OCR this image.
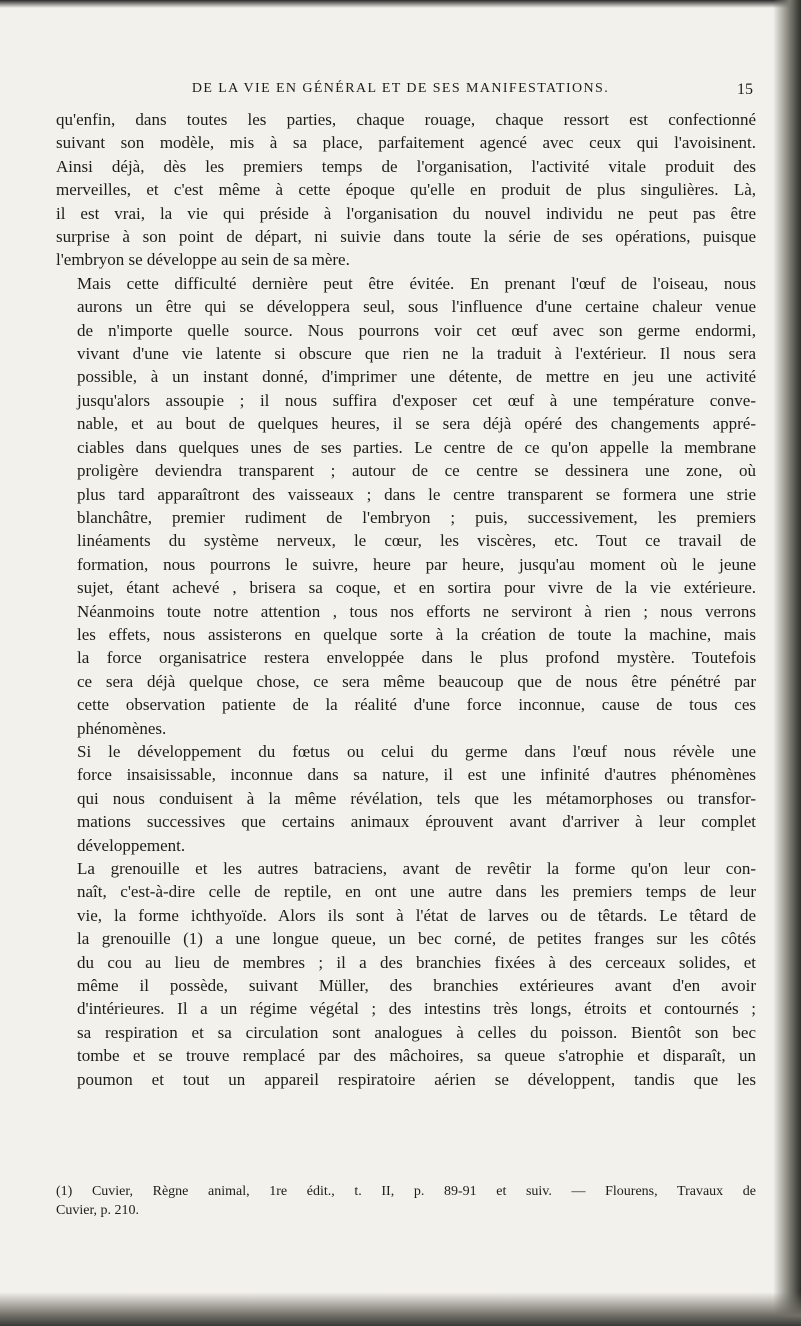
DE LA VIE EN GÉNÉRAL ET DE SES MANIFESTATIONS.	15

qu'enfin, dans toutes les parties, chaque rouage, chaque ressort est confectionné
suivant son modèle, mis à sa place, parfaitement agencé avec ceux qui l'avoisinent.
Ainsi déjà, dès les premiers temps de l'organisation, l'activité vitale produit des
merveilles, et c'est même à cette époque qu'elle en produit de plus singulières. Là,
il est vrai, la vie qui préside à l'organisation du nouvel individu ne peut pas être
surprise à son point de départ, ni suivie dans toute la série de ses opérations, puisque
l'embryon se développe au sein de sa mère.

Mais cette difficulté dernière peut être évitée. En prenant l'œuf de l'oiseau, nous
aurons un être qui se développera seul, sous l'influence d'une certaine chaleur venue
de n'importe quelle source. Nous pourrons voir cet œuf avec son germe endormi,
vivant d'une vie latente si obscure que rien ne la traduit à l'extérieur. Il nous sera
possible, à un instant donné, d'imprimer une détente, de mettre en jeu une activité
jusqu'alors assoupie ; il nous suffira d'exposer cet œuf à une température conve-
nable, et au bout de quelques heures, il se sera déjà opéré des changements appré-
ciables dans quelques unes de ses parties. Le centre de ce qu'on appelle la membrane
proligère deviendra transparent ; autour de ce centre se dessinera une zone, où
plus tard apparaîtront des vaisseaux ; dans le centre transparent se formera une strie
blanchâtre, premier rudiment de l'embryon ; puis, successivement, les premiers
linéaments du système nerveux, le cœur, les viscères, etc. Tout ce travail de
formation, nous pourrons le suivre, heure par heure, jusqu'au moment où le jeune
sujet, étant achevé , brisera sa coque, et en sortira pour vivre de la vie extérieure.
Néanmoins toute notre attention , tous nos efforts ne serviront à rien ; nous verrons
les effets, nous assisterons en quelque sorte à la création de toute la machine, mais
la force organisatrice restera enveloppée dans le plus profond mystère. Toutefois
ce sera déjà quelque chose, ce sera même beaucoup que de nous être pénétré par
cette observation patiente de la réalité d'une force inconnue, cause de tous ces
phénomènes.

Si le développement du fœtus ou celui du germe dans l'œuf nous révèle une
force insaisissable, inconnue dans sa nature, il est une infinité d'autres phénomènes
qui nous conduisent à la même révélation, tels que les métamorphoses ou transfor-
mations successives que certains animaux éprouvent avant d'arriver à leur complet
développement.

La grenouille et les autres batraciens, avant de revêtir la forme qu'on leur con-
naît, c'est-à-dire celle de reptile, en ont une autre dans les premiers temps de leur
vie, la forme ichthyoïde. Alors ils sont à l'état de larves ou de têtards. Le têtard de
la grenouille (1) a une longue queue, un bec corné, de petites franges sur les côtés
du cou au lieu de membres ; il a des branchies fixées à des cerceaux solides, et
même il possède, suivant Müller, des branchies extérieures avant d'en avoir
d'intérieures. Il a un régime végétal ; des intestins très longs, étroits et contournés ;
sa respiration et sa circulation sont analogues à celles du poisson. Bientôt son bec
tombe et se trouve remplacé par des mâchoires, sa queue s'atrophie et disparaît, un
poumon et tout un appareil respiratoire aérien se développent, tandis que les

(1) Cuvier, Règne animal, 1re édit., t. II, p. 89-91 et suiv. — Flourens, Travaux de
Cuvier, p. 210.
